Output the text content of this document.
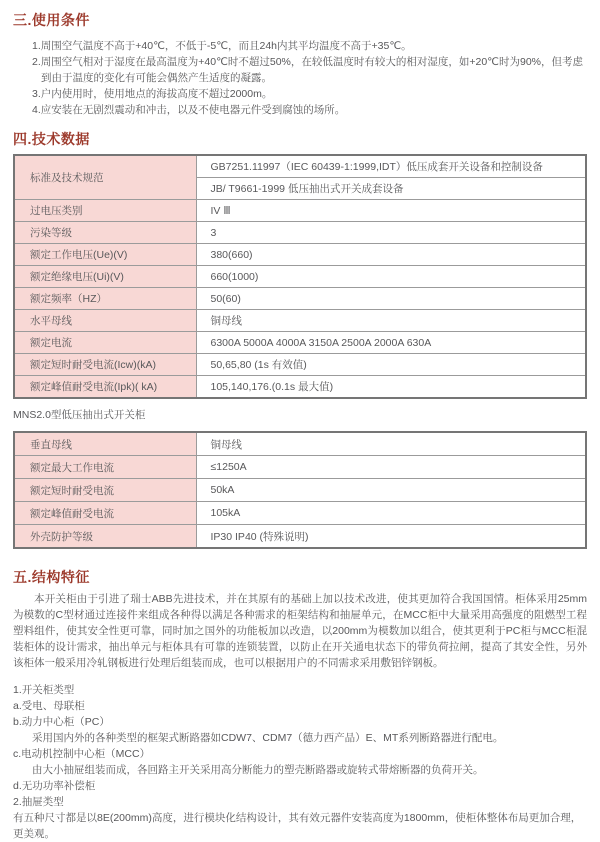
三.使用条件
1.周围空气温度不高于+40℃，不低于-5℃，而且24h内其平均温度不高于+35℃。
2.周围空气相对于湿度在最高温度为+40℃时不超过50%，在较低温度时有较大的相对湿度，如+20℃时为90%，但考虑到由于温度的变化有可能会偶然产生适度的凝露。
3.户内使用时，使用地点的海拔高度不超过2000m。
4.应安装在无剧烈震动和冲击，以及不使电器元件受到腐蚀的场所。
四.技术数据
标准及技术规范	GB7251.11997（IEC 60439-1:1999,IDT）低压成套开关设备和控制设备
	JB/ T9661-1999 低压抽出式开关成套设备
过电压类别	IV Ⅲ
污染等级	3
额定工作电压(Ue)(V)	380(660)
额定绝缘电压(Ui)(V)	660(1000)
额定频率（HZ）	50(60)
水平母线	铜母线
额定电流	6300A 5000A 4000A 3150A 2500A 2000A 630A
额定短时耐受电流(Icw)(kA)	50,65,80 (1s 有效值)
额定峰值耐受电流(Ipk)( kA)	105,140,176.(0.1s 最大值)
MNS2.0型低压抽出式开关柜
垂直母线	铜母线
额定最大工作电流	≤1250A
额定短时耐受电流	50kA
额定峰值耐受电流	105kA
外壳防护等级	IP30 IP40 (特殊说明)
五.结构特征
本开关柜由于引进了瑞士ABB先进技术，并在其原有的基础上加以技术改进，使其更加符合我国国情。柜体采用25mm为模数的C型材通过连接件来组成各种得以满足各种需求的柜架结构和抽屉单元，在MCC柜中大量采用高强度的阻燃型工程塑料组件，使其安全性更可靠，同时加之国外的功能板加以改造，以200mm为模数加以组合，使其更利于PC柜与MCC柜混装柜体的设计需求，抽出单元与柜体具有可靠的连锁装置，以防止在开关通电状态下的带负荷拉闸，提高了其安全性，另外该柜体一般采用冷轧钢板进行处理后组装而成，也可以根据用户的不同需求采用敷铝锌钢板。
1.开关柜类型
a.受电、母联柜
b.动力中心柜（PC）
采用国内外的各种类型的框架式断路器如CDW7、CDM7（德力西产品）E、MT系列断路器进行配电。
c.电动机控制中心柜（MCC）
由大小抽屉组装而成，各回路主开关采用高分断能力的塑壳断路器或旋转式带熔断器的负荷开关。
d.无功功率补偿柜
2.抽屉类型
有五种尺寸都是以8E(200mm)高度，进行模块化结构设计，其有效元器件安装高度为1800mm，使柜体整体布局更加合理，更美观。
